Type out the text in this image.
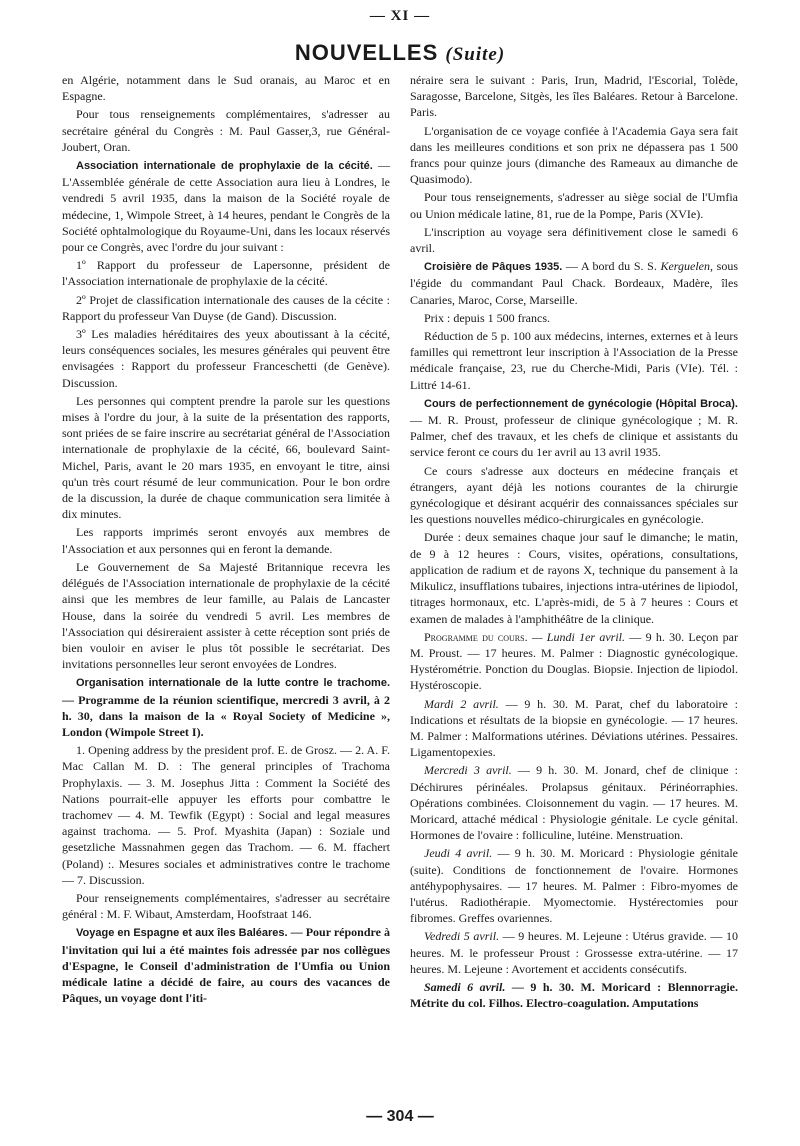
— XI —
NOUVELLES (Suite)

en Algérie, notamment dans le Sud oranais, au Maroc et en Espagne.

Pour tous renseignements complémentaires, s'adresser au secrétaire général du Congrès : M. Paul Gasser,3, rue Général-Joubert, Oran.

Association internationale de prophylaxie de la cécité. — L'Assemblée générale de cette Association aura lieu à Londres, le vendredi 5 avril 1935, dans la maison de la Société royale de médecine, 1, Wimpole Street, à 14 heures, pendant le Congrès de la Société ophtalmologique du Royaume-Uni, dans les locaux réservés pour ce Congrès, avec l'ordre du jour suivant :

1º Rapport du professeur de Lapersonne, président de l'Association internationale de prophylaxie de la cécité.

2º Projet de classification internationale des causes de la cécite : Rapport du professeur Van Duyse (de Gand). Discussion.

3º Les maladies héréditaires des yeux aboutissant à la cécité, leurs conséquences sociales, les mesures générales qui peuvent être envisagées : Rapport du professeur Franceschetti (de Genève). Discussion.

Les personnes qui comptent prendre la parole sur les questions mises à l'ordre du jour, à la suite de la présentation des rapports, sont priées de se faire inscrire au secrétariat général de l'Association internationale de prophylaxie de la cécité, 66, boulevard Saint-Michel, Paris, avant le 20 mars 1935, en envoyant le titre, ainsi qu'un très court résumé de leur communication. Pour le bon ordre de la discussion, la durée de chaque communication sera limitée à dix minutes.

Les rapports imprimés seront envoyés aux membres de l'Association et aux personnes qui en feront la demande.

Le Gouvernement de Sa Majesté Britannique recevra les délégués de l'Association internationale de prophylaxie de la cécité ainsi que les membres de leur famille, au Palais de Lancaster House, dans la soirée du vendredi 5 avril. Les membres de l'Association qui désireraient assister à cette réception sont priés de bien vouloir en aviser le plus tôt possible le secrétariat. Des invitations personnelles leur seront envoyées de Londres.

Organisation internationale de la lutte contre le trachome. — Programme de la réunion scientifique, mercredi 3 avril, à 2 h. 30, dans la maison de la « Royal Society of Medicine », London (Wimpole Street I).

1. Opening address by the president prof. E. de Grosz. — 2. A. F. Mac Callan M. D. : The general principles of Trachoma Prophylaxis. — 3. M. Josephus Jitta : Comment la Société des Nations pourrait-elle appuyer les efforts pour combattre le trachomev — 4. M. Tewfik (Egypt) : Social and legal measures against trachoma. — 5. Prof. Myashita (Japan) : Soziale und gesetzliche Massnahmen gegen das Trachom. — 6. M. ffachert (Poland) :. Mesures sociales et administratives contre le trachome — 7. Discussion.

Pour renseignements complémentaires, s'adresser au secrétaire général : M. F. Wibaut, Amsterdam, Hoofstraat 146.

Voyage en Espagne et aux îles Baléares. — Pour répondre à l'invitation qui lui a été maintes fois adressée par nos collègues d'Espagne, le Conseil d'administration de l'Umfia ou Union médicale latine a décidé de faire, au cours des vacances de Pâques, un voyage dont l'iti-

néraire sera le suivant : Paris, Irun, Madrid, l'Escorial, Tolède, Saragosse, Barcelone, Sitgès, les îles Baléares. Retour à Barcelone. Paris.

L'organisation de ce voyage confiée à l'Academia Gaya sera fait dans les meilleures conditions et son prix ne dépassera pas 1 500 francs pour quinze jours (dimanche des Rameaux au dimanche de Quasimodo).

Pour tous renseignements, s'adresser au siège social de l'Umfia ou Union médicale latine, 81, rue de la Pompe, Paris (XVIe).

L'inscription au voyage sera définitivement close le samedi 6 avril.

Croisière de Pâques 1935. — A bord du S. S. Kerguelen, sous l'égide du commandant Paul Chack. Bordeaux, Madère, îles Canaries, Maroc, Corse, Marseille.

Prix : depuis 1 500 francs.

Réduction de 5 p. 100 aux médecins, internes, externes et à leurs familles qui remettront leur inscription à l'Association de la Presse médicale française, 23, rue du Cherche-Midi, Paris (VIe). Tél. : Littré 14-61.

Cours de perfectionnement de gynécologie (Hôpital Broca). — M. R. Proust, professeur de clinique gynécologique ; M. R. Palmer, chef des travaux, et les chefs de clinique et assistants du service feront ce cours du 1er avril au 13 avril 1935.

Ce cours s'adresse aux docteurs en médecine français et étrangers, ayant déjà les notions courantes de la chirurgie gynécologique et désirant acquérir des connaissances spéciales sur les questions nouvelles médico-chirurgicales en gynécologie.

Durée : deux semaines chaque jour sauf le dimanche; le matin, de 9 à 12 heures : Cours, visites, opérations, consultations, application de radium et de rayons X, technique du pansement à la Mikulicz, insufflations tubaires, injections intra-utérines de lipiodol, titrages hormonaux, etc. L'après-midi, de 5 à 7 heures : Cours et examen de malades à l'amphithéâtre de la clinique.

Programme du cours. — Lundi 1er avril. — 9 h. 30. Leçon par M. Proust. — 17 heures. M. Palmer : Diagnostic gynécologique. Hystérométrie. Ponction du Douglas. Biopsie. Injection de lipiodol. Hystéroscopie.

Mardi 2 avril. — 9 h. 30. M. Parat, chef du laboratoire : Indications et résultats de la biopsie en gynécologie. — 17 heures. M. Palmer : Malformations utérines. Déviations utérines. Pessaires. Ligamentopexies.

Mercredi 3 avril. — 9 h. 30. M. Jonard, chef de clinique : Déchirures périnéales. Prolapsus génitaux. Périnéorraphies. Opérations combinées. Cloisonnement du vagin. — 17 heures. M. Moricard, attaché médical : Physiologie génitale. Le cycle génital. Hormones de l'ovaire : folliculine, lutéine. Menstruation.

Jeudi 4 avril. — 9 h. 30. M. Moricard : Physiologie génitale (suite). Conditions de fonctionnement de l'ovaire. Hormones antéhypophysaires. — 17 heures. M. Palmer : Fibro-myomes de l'utérus. Radiothérapie. Myomectomie. Hystérectomies pour fibromes. Greffes ovariennes.

Vedredi 5 avril. — 9 heures. M. Lejeune : Utérus gravide. — 10 heures. M. le professeur Proust : Grossesse extra-utérine. — 17 heures. M. Lejeune : Avortement et accidents consécutifs.

Samedi 6 avril. — 9 h. 30. M. Moricard : Blennorragie. Métrite du col. Filhos. Electro-coagulation. Amputations

— 304 —
